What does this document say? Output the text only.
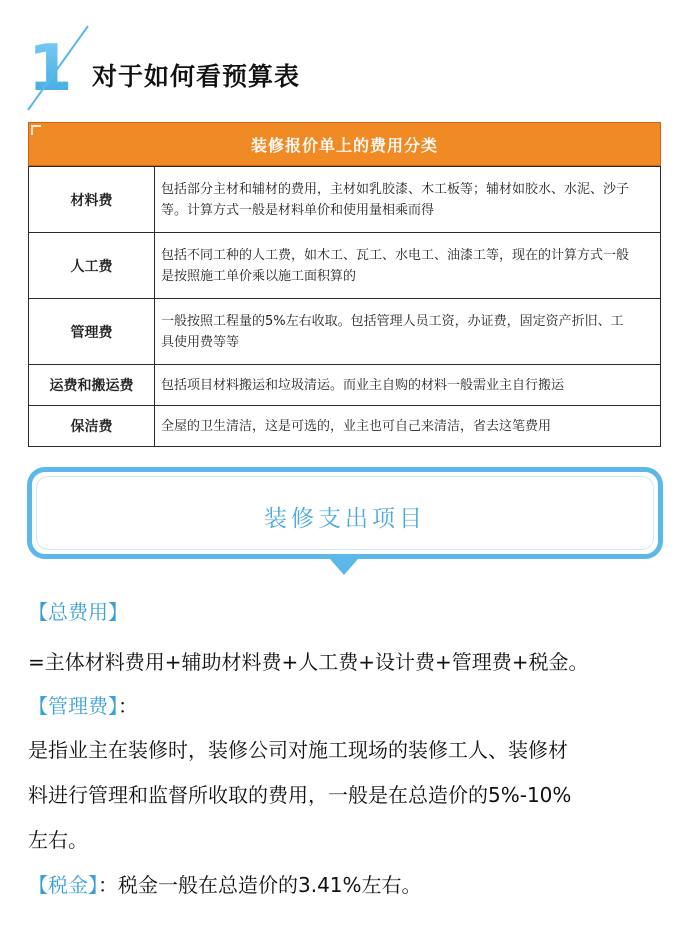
1 对于如何看预算表
装修报价单上的费用分类
材料费	包括部分主材和辅材的费用，主材如乳胶漆、木工板等；辅材如胶水、水泥、沙子
等。计算方式一般是材料单价和使用量相乘而得

人工费	包括不同工种的人工费，如木工、瓦工、水电工、油漆工等，现在的计算方式一般
是按照施工单价乘以施工面积算的

管理费	一般按照工程量的5%左右收取。包括管理人员工资，办证费，固定资产折旧、工
具使用费等等

运费和搬运费	包括项目材料搬运和垃圾清运。而业主自购的材料一般需业主自行搬运

保洁费	全屋的卫生清洁，这是可选的，业主也可自己来清洁，省去这笔费用
装修支出项目
【总费用】
=主体材料费用+辅助材料费+人工费+设计费+管理费+税金。
【管理费】：
是指业主在装修时，装修公司对施工现场的装修工人、装修材
料进行管理和监督所收取的费用，一般是在总造价的5%-10%
左右。
【税金】：税金一般在总造价的3.41%左右。
